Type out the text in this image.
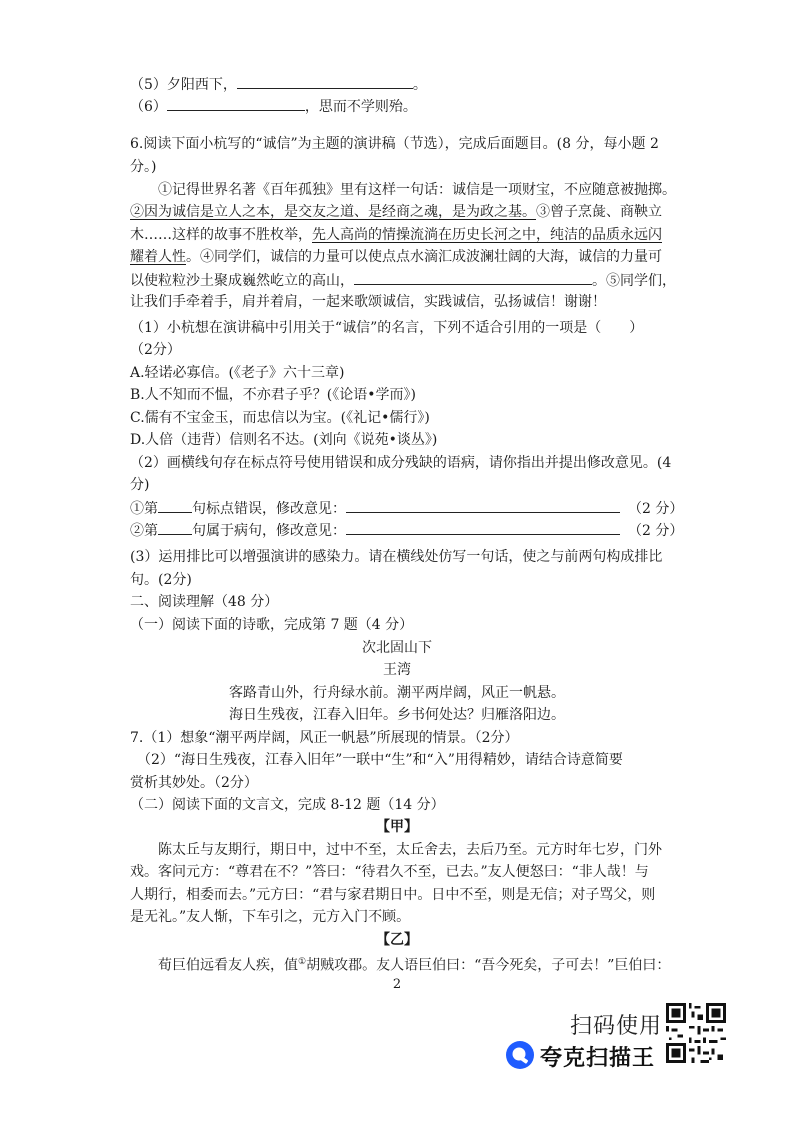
（5）夕阳西下，	。
（6）	，思而不学则殆。
6.阅读下面小杭写的“诚信”为主题的演讲稿（节选），完成后面题目。(8 分，每小题 2
分。)
①记得世界名著《百年孤独》里有这样一句话：诚信是一项财宝，不应随意被抛掷。
②因为诚信是立人之本，是交友之道、是经商之魂，是为政之基。③曾子烹彘、商鞅立
木……这样的故事不胜枚举，先人高尚的情操流淌在历史长河之中，纯洁的品质永远闪
耀着人性。④同学们，诚信的力量可以使点点水滴汇成波澜壮阔的大海，诚信的力量可
以使粒粒沙土聚成巍然屹立的高山，	。⑤同学们，
让我们手牵着手，肩并着肩，一起来歌颂诚信，实践诚信，弘扬诚信！谢谢！
（1）小杭想在演讲稿中引用关于“诚信”的名言，下列不适合引用的一项是（　　）
（2分）
A.轻诺必寡信。(《老子》六十三章)
B.人不知而不愠，不亦君子乎？(《论语•学而》)
C.儒有不宝金玉，而忠信以为宝。(《礼记•儒行》)
D.人倍（违背）信则名不达。(刘向《说苑•谈丛》)
（2）画横线句存在标点符号使用错误和成分残缺的语病，请你指出并提出修改意见。(4
分)
①第 句标点错误，修改意见：	（2 分）
②第 句属于病句，修改意见：	（2 分）
(3）运用排比可以增强演讲的感染力。请在横线处仿写一句话，使之与前两句构成排比
句。(2分)
二、阅读理解（48 分）
（一）阅读下面的诗歌，完成第 7 题（4 分）
次北固山下
王湾
客路青山外，行舟绿水前。潮平两岸阔，风正一帆悬。
海日生残夜，江春入旧年。乡书何处达？归雁洛阳边。
7.（1）想象“潮平两岸阔，风正一帆悬”所展现的情景。（2分）
（2）“海日生残夜，江春入旧年”一联中“生”和“入”用得精妙，请结合诗意简要
赏析其妙处。（2分）
（二）阅读下面的文言文，完成 8-12 题（14 分）
【甲】
陈太丘与友期行，期日中，过中不至，太丘舍去，去后乃至。元方时年七岁，门外
戏。客问元方：“尊君在不？”答曰：“待君久不至，已去。”友人便怒曰：“非人哉！与
人期行，相委而去。”元方曰：“君与家君期日中。日中不至，则是无信；对子骂父，则
是无礼。”友人惭，下车引之，元方入门不顾。
【乙】
荀巨伯远看友人疾，值①胡贼攻郡。友人语巨伯曰：“吾今死矣，子可去！”巨伯曰：
2
扫码使用
夸克扫描王
